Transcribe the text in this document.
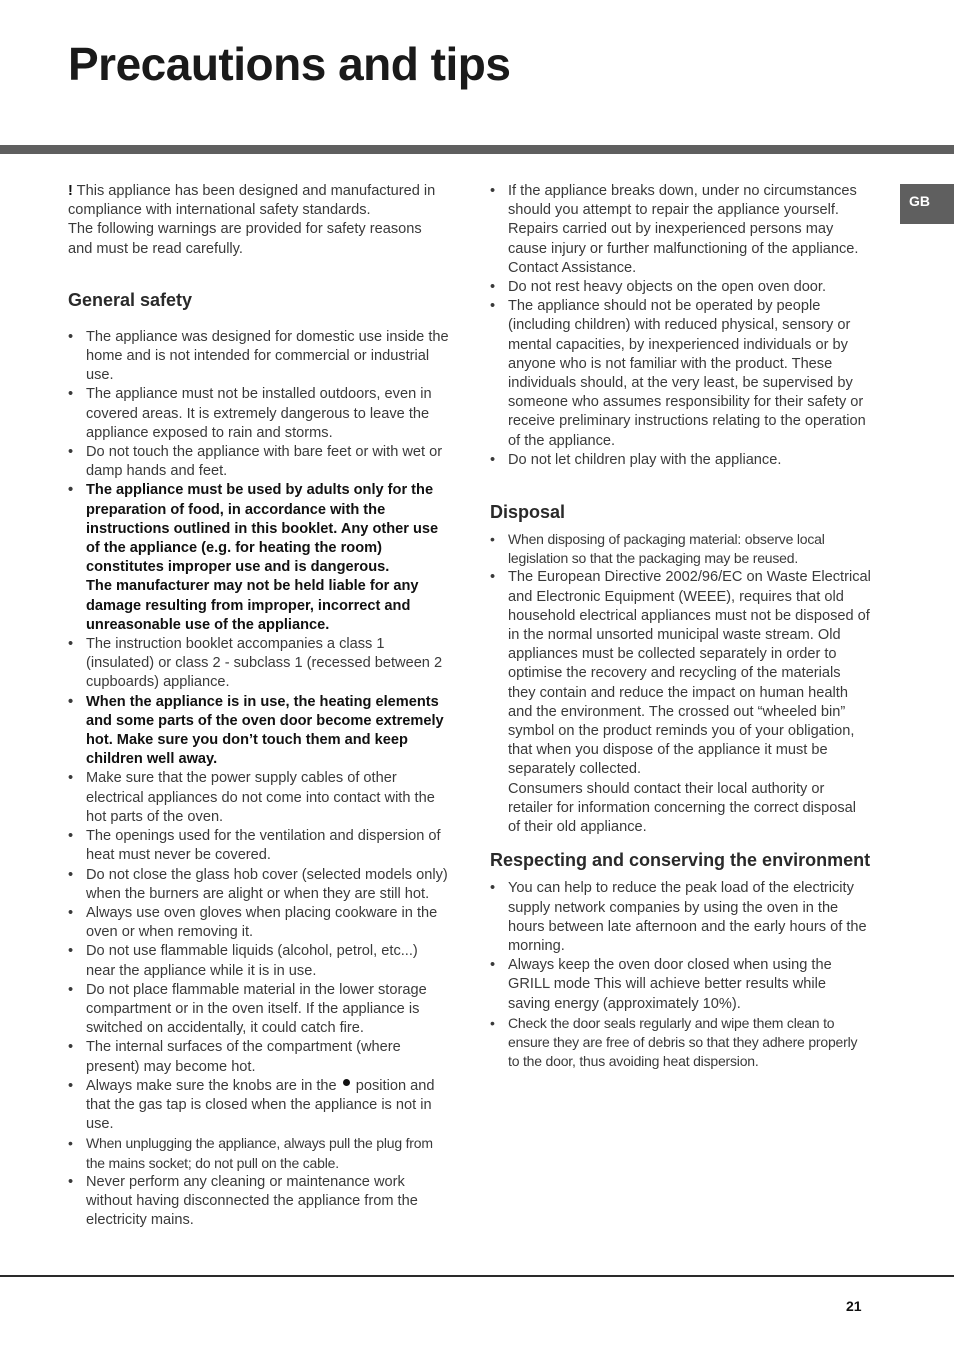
Precautions and tips
GB

! This appliance has been designed and manufactured in compliance with international safety standards.
The following warnings are provided for safety reasons and must be read carefully.

General safety
• The appliance was designed for domestic use inside the home and is not intended for commercial or industrial use.
• The appliance must not be installed outdoors, even in covered areas. It is extremely dangerous to leave the appliance exposed to rain and storms.
• Do not touch the appliance with bare feet or with wet or damp hands and feet.
• The appliance must be used by adults only for the preparation of food, in accordance with the instructions outlined in this booklet. Any other use of the appliance (e.g. for heating the room) constitutes improper use and is dangerous.
The manufacturer may not be held liable for any damage resulting from improper, incorrect and unreasonable use of the appliance.
• The instruction booklet accompanies a class 1 (insulated) or class 2 - subclass 1 (recessed between 2 cupboards) appliance.
• When the appliance is in use, the heating elements and some parts of the oven door become extremely hot. Make sure you don’t touch them and keep children well away.
• Make sure that the power supply cables of other electrical appliances do not come into contact with the hot parts of the oven.
• The openings used for the ventilation and dispersion of heat must never be covered.
• Do not close the glass hob cover (selected models only) when the burners are alight or when they are still hot.
• Always use oven gloves when placing cookware in the oven or when removing it.
• Do not use flammable liquids (alcohol, petrol, etc...) near the appliance while it is in use.
• Do not place flammable material in the lower storage compartment or in the oven itself. If the appliance is switched on accidentally, it could catch fire.
• The internal surfaces of the compartment (where present) may become hot.
• Always make sure the knobs are in the position and that the gas tap is closed when the appliance is not in use.
• When unplugging the appliance, always pull the plug from the mains socket; do not pull on the cable.
• Never perform any cleaning or maintenance work without having disconnected the appliance from the electricity mains.
• If the appliance breaks down, under no circumstances should you attempt to repair the appliance yourself. Repairs carried out by inexperienced persons may cause injury or further malfunctioning of the appliance. Contact Assistance.
• Do not rest heavy objects on the open oven door.
• The appliance should not be operated by people (including children) with reduced physical, sensory or mental capacities, by inexperienced individuals or by anyone who is not familiar with the product. These individuals should, at the very least, be supervised by someone who assumes responsibility for their safety or receive preliminary instructions relating to the operation of the appliance.
• Do not let children play with the appliance.
Disposal
• When disposing of packaging material: observe local legislation so that the packaging may be reused.
• The European Directive 2002/96/EC on Waste Electrical and Electronic Equipment (WEEE), requires that old household electrical appliances must not be disposed of in the normal unsorted municipal waste stream. Old appliances must be collected separately in order to optimise the recovery and recycling of the materials they contain and reduce the impact on human health and the environment. The crossed out “wheeled bin” symbol on the product reminds you of your obligation, that when you dispose of the appliance it must be separately collected.
Consumers should contact their local authority or retailer for information concerning the correct disposal of their old appliance.
Respecting and conserving the environment
• You can help to reduce the peak load of the electricity supply network companies by using the oven in the hours between late afternoon and the early hours of the morning.
• Always keep the oven door closed when using the GRILL mode This will achieve better results while saving energy (approximately 10%).
• Check the door seals regularly and wipe them clean to ensure they are free of debris so that they adhere properly to the door, thus avoiding heat dispersion.
21
